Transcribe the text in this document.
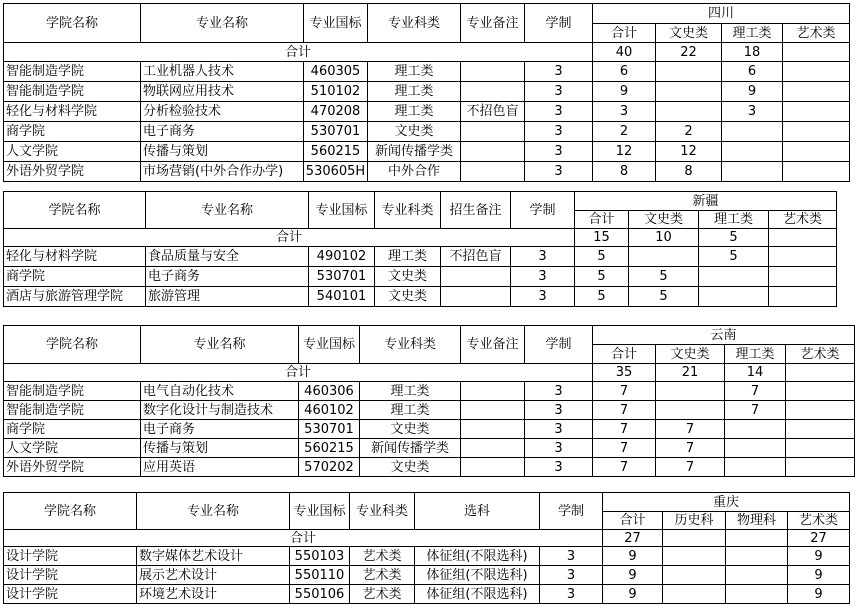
学院名称	专业名称	专业国标	专业科类	专业备注	学制	四川			
						合计	文史类	理工类	艺术类
合计						40	22	18	
智能制造学院	工业机器人技术	460305	理工类		3	6		6	
智能制造学院	物联网应用技术	510102	理工类		3	9		9	
轻化与材料学院	分析检验技术	470208	理工类	不招色盲	3	3		3	
商学院	电子商务	530701	文史类		3	2	2		
人文学院	传播与策划	560215	新闻传播学类		3	12	12		
外语外贸学院	市场营销(中外合作办学)	530605H	中外合作		3	8	8		
学院名称	专业名称	专业国标	专业科类	招生备注	学制	新疆			
						合计	文史类	理工类	艺术类
合计						15	10	5	
轻化与材料学院	食品质量与安全	490102	理工类	不招色盲	3	5		5	
商学院	电子商务	530701	文史类		3	5	5		
酒店与旅游管理学院	旅游管理	540101	文史类		3	5	5		
学院名称	专业名称	专业国标	专业科类	专业备注	学制	云南			
						合计	文史类	理工类	艺术类
合计						35	21	14	
智能制造学院	电气自动化技术	460306	理工类		3	7		7	
智能制造学院	数字化设计与制造技术	460102	理工类		3	7		7	
商学院	电子商务	530701	文史类		3	7	7		
人文学院	传播与策划	560215	新闻传播学类		3	7	7		
外语外贸学院	应用英语	570202	文史类		3	7	7		
学院名称	专业名称	专业国标	专业科类	选科	学制	重庆			
						合计	历史科	物理科	艺术类
合计						27			27
设计学院	数字媒体艺术设计	550103	艺术类	体征组(不限选科)	3	9			9
设计学院	展示艺术设计	550110	艺术类	体征组(不限选科)	3	9			9
设计学院	环境艺术设计	550106	艺术类	体征组(不限选科)	3	9			9
